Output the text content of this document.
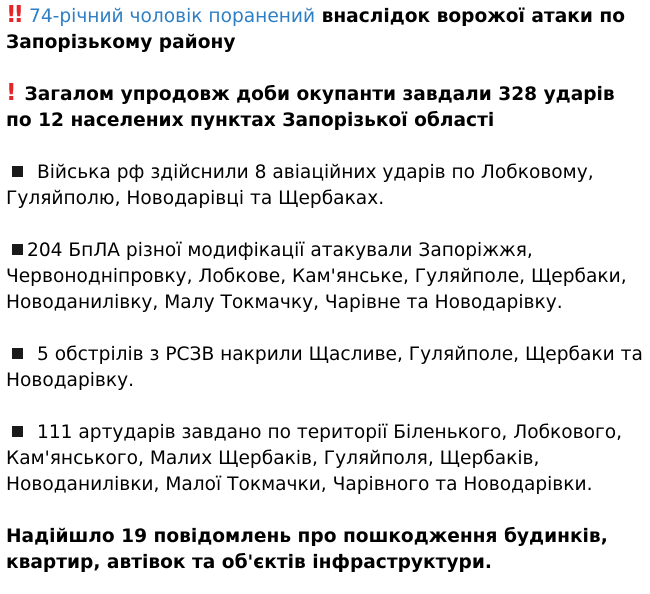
!! 74-річний чоловік поранений внаслідок ворожої атаки по Запорізькому району

! Загалом упродовж доби окупанти завдали 328 ударів по 12 населених пунктах Запорізької області

Війська рф здійснили 8 авіаційних ударів по Лобковому, Гуляйполю, Новодарівці та Щербаках.

204 БпЛА різної модифікації атакували Запоріжжя, Червонодніпровку, Лобкове, Кам'янське, Гуляйполе, Щербаки, Новоданилівку, Малу Токмачку, Чарівне та Новодарівку.

5 обстрілів з РСЗВ накрили Щасливе, Гуляйполе, Щербаки та Новодарівку.

111 артударів завдано по території Біленького, Лобкового, Кам'янського, Малих Щербаків, Гуляйполя, Щербаків, Новоданилівки, Малої Токмачки, Чарівного та Новодарівки.

Надійшло 19 повідомлень про пошкодження будинків, квартир, автівок та об'єктів інфраструктури.
